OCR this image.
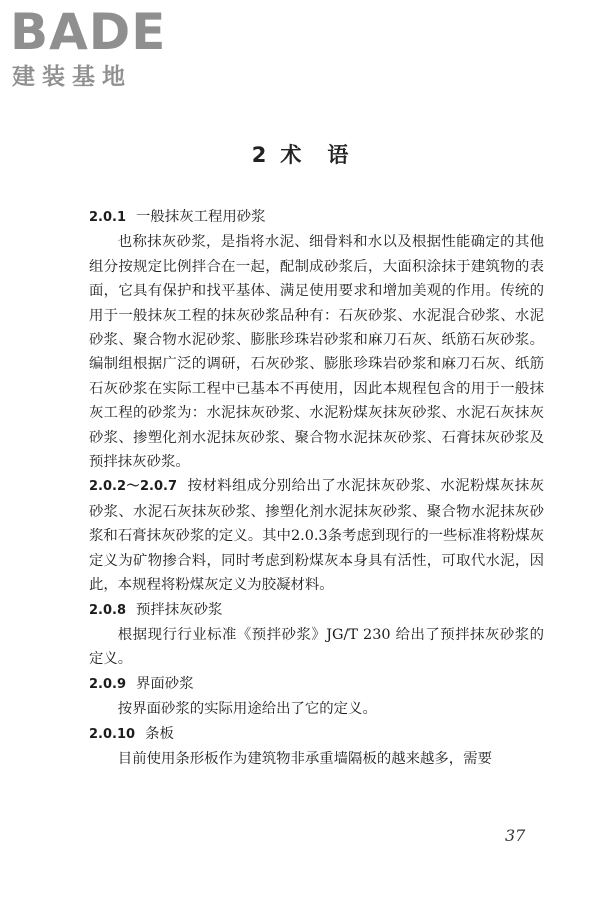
BADE
建装基地
2 术 语

2.0.1 一般抹灰工程用砂浆

也称抹灰砂浆，是指将水泥、细骨料和水以及根据性能确定的其他组分按规定比例拌合在一起，配制成砂浆后，大面积涂抹于建筑物的表面，它具有保护和找平基体、满足使用要求和增加美观的作用。传统的用于一般抹灰工程的抹灰砂浆品种有：石灰砂浆、水泥混合砂浆、水泥砂浆、聚合物水泥砂浆、膨胀珍珠岩砂浆和麻刀石灰、纸筋石灰砂浆。编制组根据广泛的调研，石灰砂浆、膨胀珍珠岩砂浆和麻刀石灰、纸筋石灰砂浆在实际工程中已基本不再使用，因此本规程包含的用于一般抹灰工程的砂浆为：水泥抹灰砂浆、水泥粉煤灰抹灰砂浆、水泥石灰抹灰砂浆、掺塑化剂水泥抹灰砂浆、聚合物水泥抹灰砂浆、石膏抹灰砂浆及预拌抹灰砂浆。

2.0.2～2.0.7 按材料组成分别给出了水泥抹灰砂浆、水泥粉煤灰抹灰砂浆、水泥石灰抹灰砂浆、掺塑化剂水泥抹灰砂浆、聚合物水泥抹灰砂浆和石膏抹灰砂浆的定义。其中2.0.3条考虑到现行的一些标准将粉煤灰定义为矿物掺合料，同时考虑到粉煤灰本身具有活性，可取代水泥，因此，本规程将粉煤灰定义为胶凝材料。

2.0.8 预拌抹灰砂浆

根据现行行业标准《预拌砂浆》JG/T 230 给出了预拌抹灰砂浆的定义。

2.0.9 界面砂浆

按界面砂浆的实际用途给出了它的定义。

2.0.10 条板

目前使用条形板作为建筑物非承重墙隔板的越来越多，需要

37
